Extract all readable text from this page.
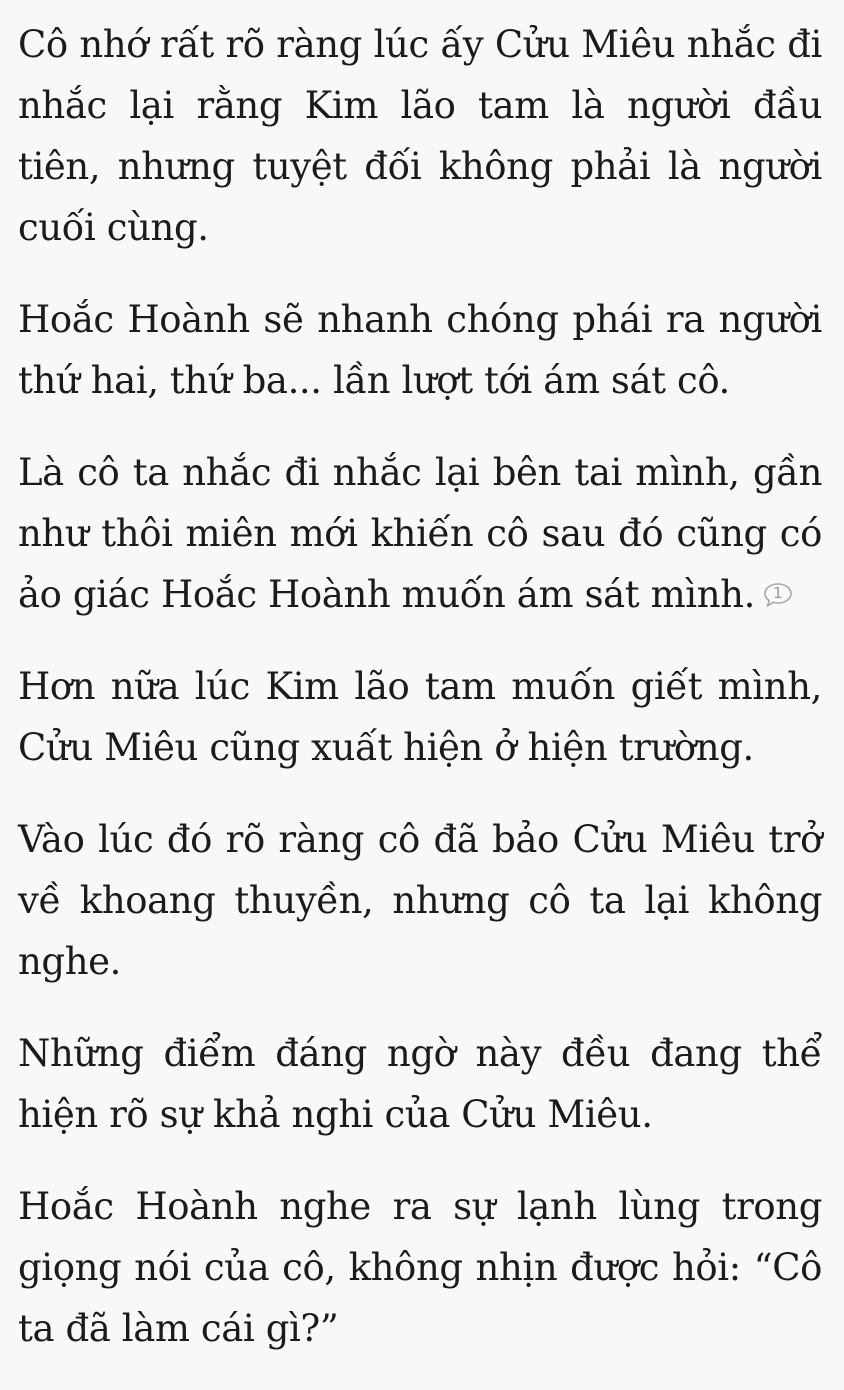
Cô nhớ rất rõ ràng lúc ấy Cửu Miêu nhắc đi nhắc lại rằng Kim lão tam là người đầu tiên, nhưng tuyệt đối không phải là người cuối cùng.

Hoắc Hoành sẽ nhanh chóng phái ra người thứ hai, thứ ba... lần lượt tới ám sát cô.

Là cô ta nhắc đi nhắc lại bên tai mình, gần như thôi miên mới khiến cô sau đó cũng có ảo giác Hoắc Hoành muốn ám sát mình.	1

Hơn nữa lúc Kim lão tam muốn giết mình, Cửu Miêu cũng xuất hiện ở hiện trường.

Vào lúc đó rõ ràng cô đã bảo Cửu Miêu trở về khoang thuyền, nhưng cô ta lại không nghe.

Những điểm đáng ngờ này đều đang thể hiện rõ sự khả nghi của Cửu Miêu.

Hoắc Hoành nghe ra sự lạnh lùng trong giọng nói của cô, không nhịn được hỏi: “Cô ta đã làm cái gì?”
